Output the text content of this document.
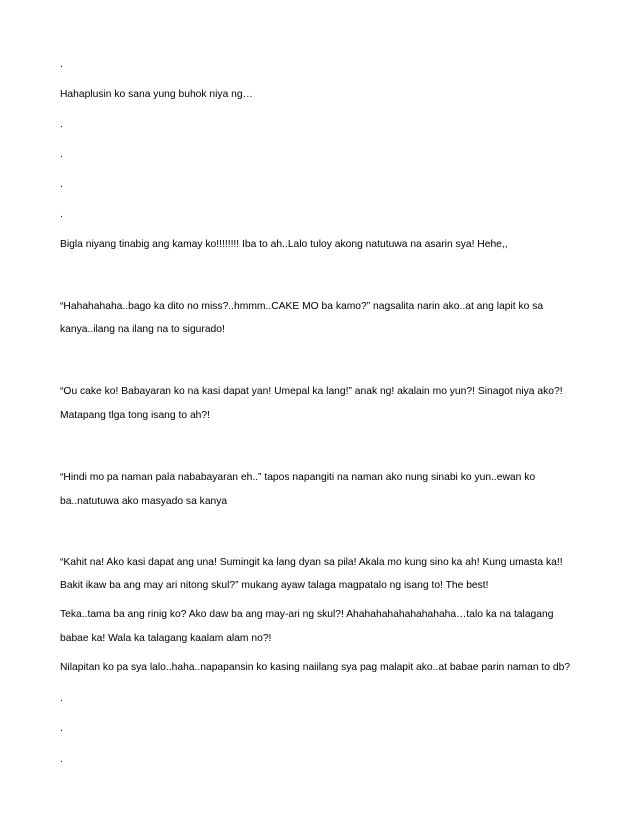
.
Hahaplusin ko sana yung buhok niya ng…
.
.
.
.
Bigla niyang tinabig ang kamay ko!!!!!!!! Iba to ah..Lalo tuloy akong natutuwa na asarin sya! Hehe,,
“Hahahahaha..bago ka dito no miss?..hmmm..CAKE MO ba kamo?” nagsalita narin ako..at ang lapit ko sa
kanya..ilang na ilang na to sigurado!
“Ou cake ko! Babayaran ko na kasi dapat yan! Umepal ka lang!” anak ng! akalain mo yun?! Sinagot niya ako?!
Matapang tlga tong isang to ah?!
“Hindi mo pa naman pala nababayaran eh..” tapos napangiti na naman ako nung sinabi ko yun..ewan ko
ba..natutuwa ako masyado sa kanya
“Kahit na! Ako kasi dapat ang una! Sumingit ka lang dyan sa pila! Akala mo kung sino ka ah! Kung umasta ka!!
Bakit ikaw ba ang may ari nitong skul?” mukang ayaw talaga magpatalo ng isang to! The best!
Teka..tama ba ang rinig ko? Ako daw ba ang may-ari ng skul?! Ahahahahahahahahaha…talo ka na talagang
babae ka! Wala ka talagang kaalam alam no?!
Nilapitan ko pa sya lalo..haha..napapansin ko kasing naiilang sya pag malapit ako..at babae parin naman to db?
.
.
.
